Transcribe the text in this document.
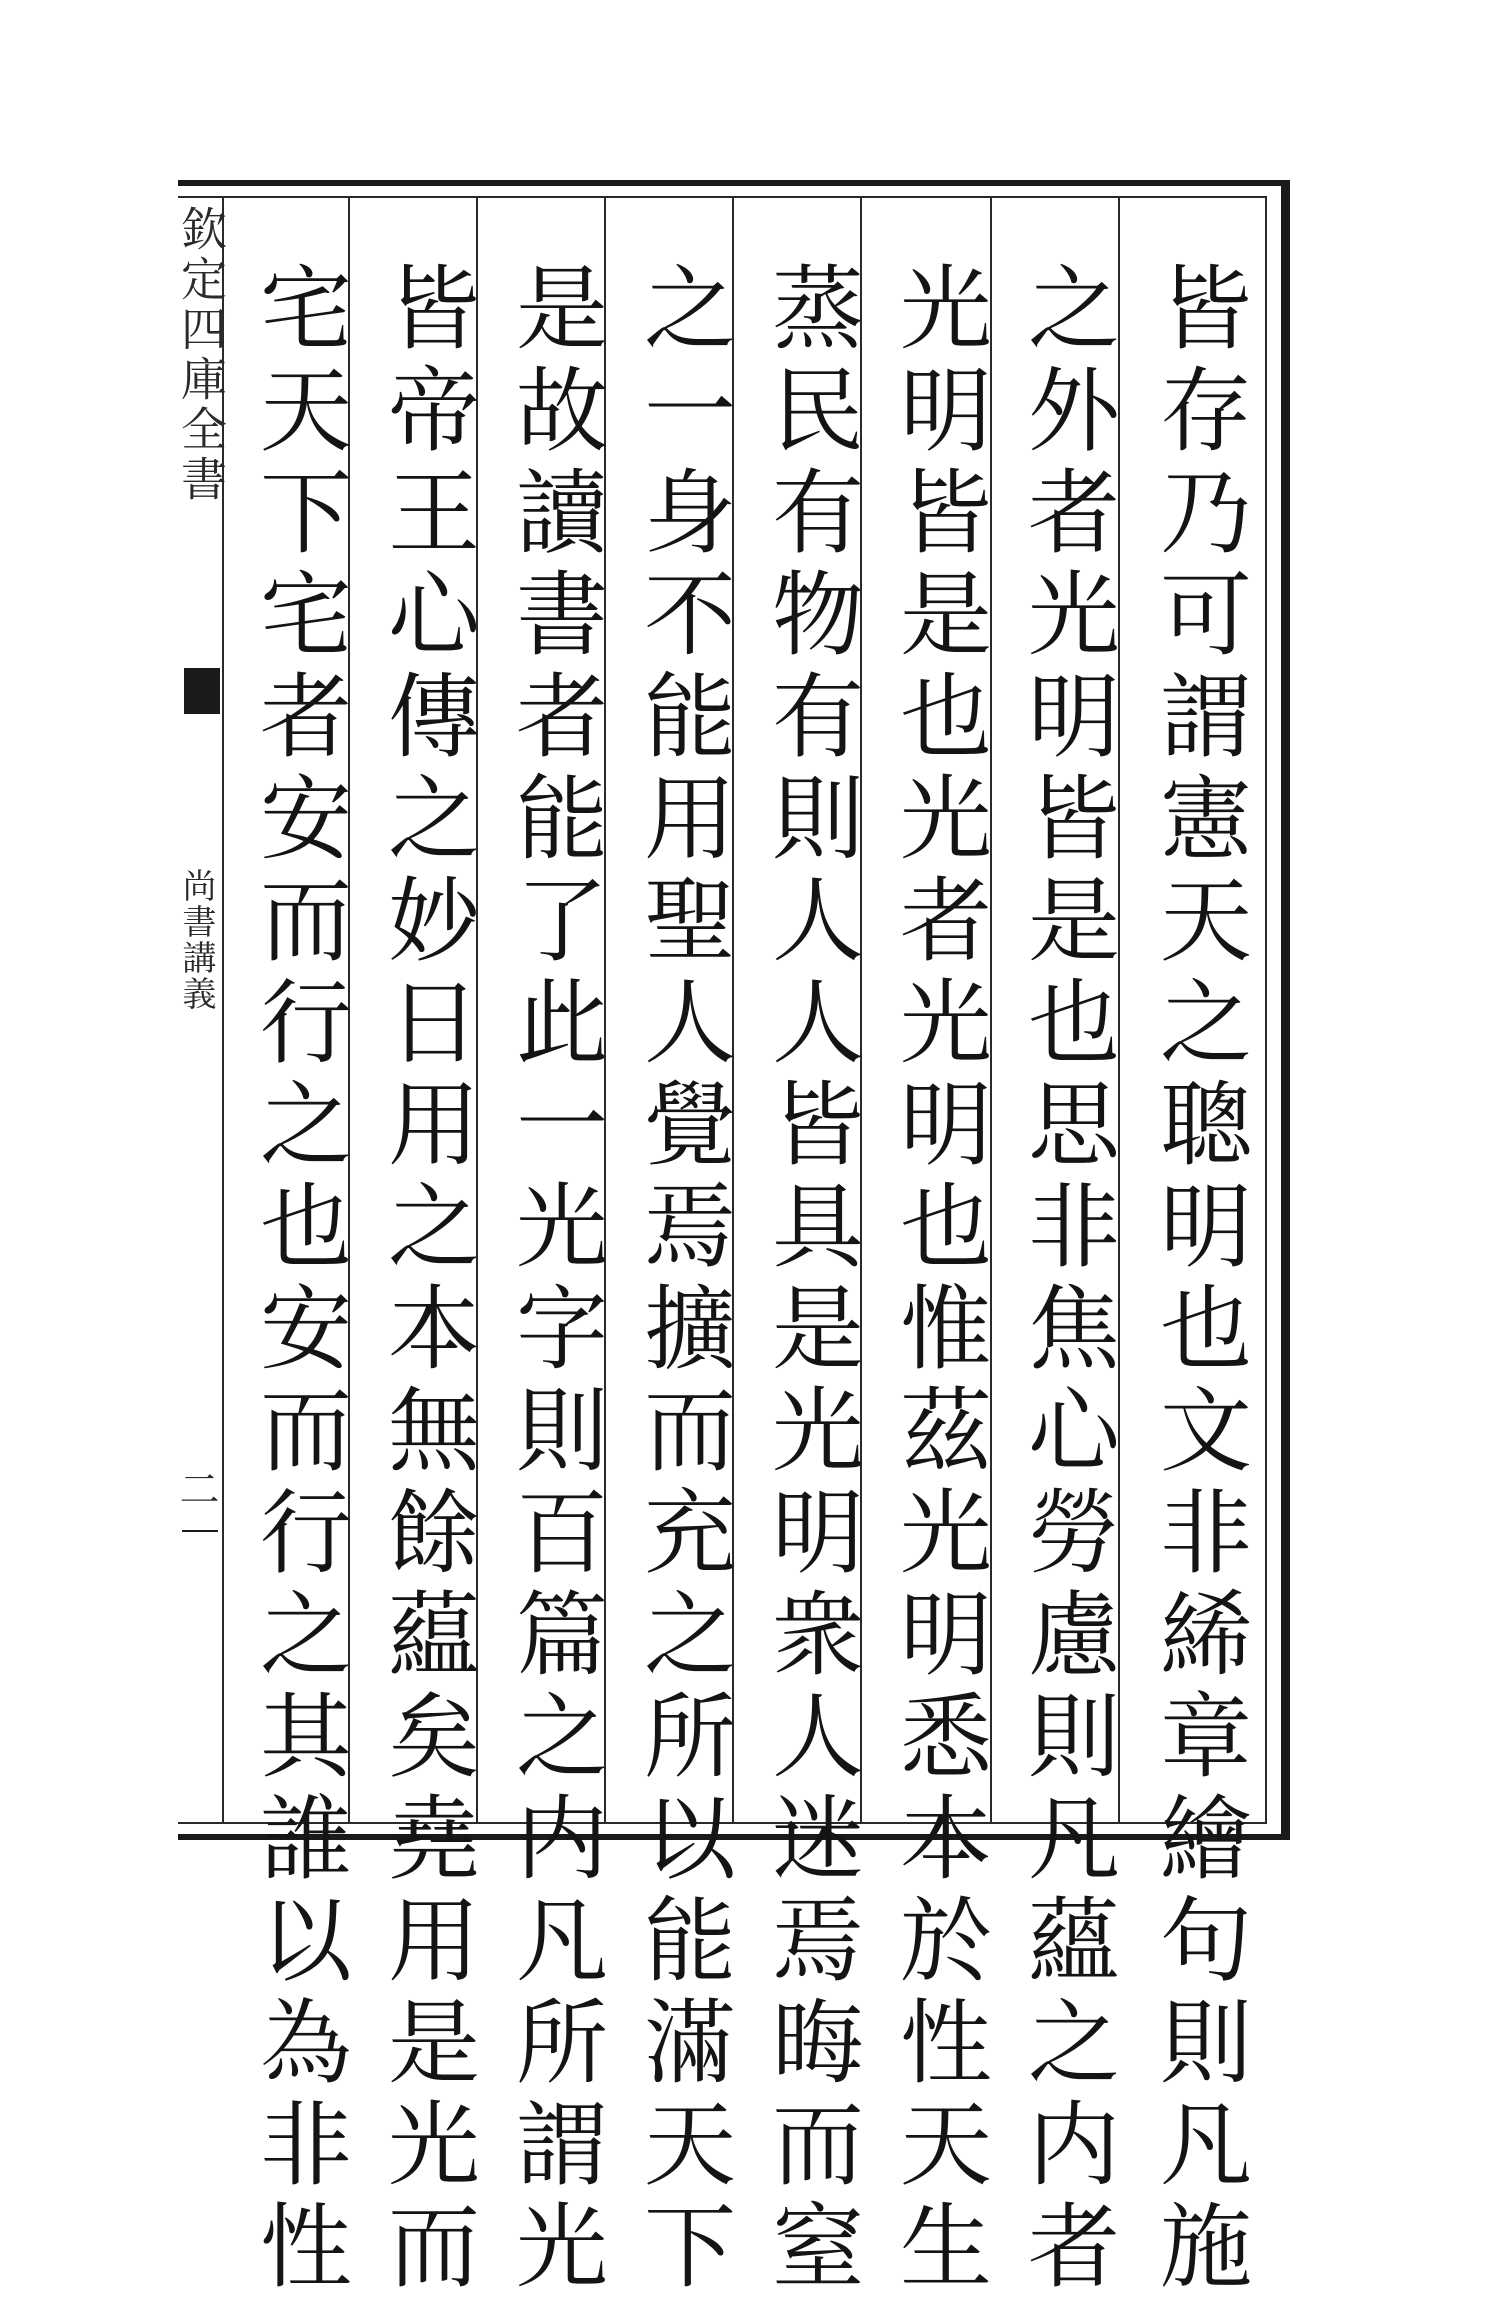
欽定四庫全書
尚書講義
二	皆存乃可謂憲天之聰明也文非絺章繪句則凡施
之外者光明皆是也思非焦心勞慮則凡蘊之内者
光明皆是也光者光明也惟茲光明悉本於性天生
蒸民有物有則人人皆具是光明衆人迷焉晦而窒
之一身不能用聖人覺焉擴而充之所以能滿天下
是故讀書者能了此一光字則百篇之内凡所謂光
皆帝王心傳之妙日用之本無餘藴矣堯用是光而
宅天下宅者安而行之也安而行之其誰以為非性
